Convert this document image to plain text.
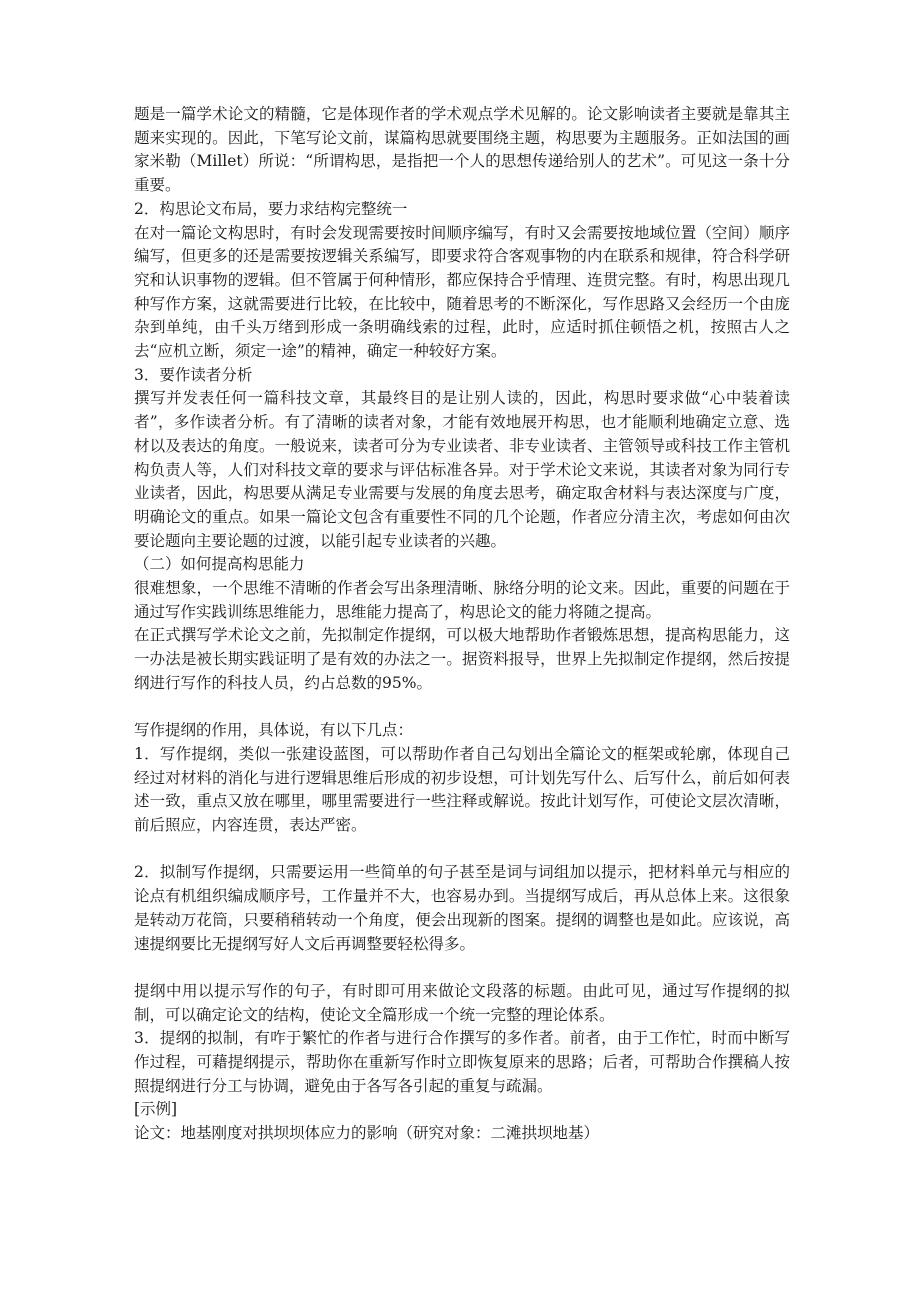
题是一篇学术论文的精髓，它是体现作者的学术观点学术见解的。论文影响读者主要就是靠其主题来实现的。因此，下笔写论文前，谋篇构思就要围绕主题，构思要为主题服务。正如法国的画家米勒（Millet）所说：“所谓构思，是指把一个人的思想传递给别人的艺术”。可见这一条十分重要。

2．构思论文布局，要力求结构完整统一

在对一篇论文构思时，有时会发现需要按时间顺序编写，有时又会需要按地域位置（空间）顺序编写，但更多的还是需要按逻辑关系编写，即要求符合客观事物的内在联系和规律，符合科学研究和认识事物的逻辑。但不管属于何种情形，都应保持合乎情理、连贯完整。有时，构思出现几种写作方案，这就需要进行比较，在比较中，随着思考的不断深化，写作思路又会经历一个由庞杂到单纯，由千头万绪到形成一条明确线索的过程，此时，应适时抓住顿悟之机，按照古人之去“应机立断，须定一途”的精神，确定一种较好方案。

3．要作读者分析

撰写并发表任何一篇科技文章，其最终目的是让别人读的，因此，构思时要求做“心中装着读者”，多作读者分析。有了清晰的读者对象，才能有效地展开构思，也才能顺利地确定立意、选材以及表达的角度。一般说来，读者可分为专业读者、非专业读者、主管领导或科技工作主管机构负责人等，人们对科技文章的要求与评估标准各异。对于学术论文来说，其读者对象为同行专业读者，因此，构思要从满足专业需要与发展的角度去思考，确定取舍材料与表达深度与广度，明确论文的重点。如果一篇论文包含有重要性不同的几个论题，作者应分清主次，考虑如何由次要论题向主要论题的过渡，以能引起专业读者的兴趣。

（二）如何提高构思能力

很难想象，一个思维不清晰的作者会写出条理清晰、脉络分明的论文来。因此，重要的问题在于通过写作实践训练思维能力，思维能力提高了，构思论文的能力将随之提高。

在正式撰写学术论文之前，先拟制定作提纲，可以极大地帮助作者锻炼思想，提高构思能力，这一办法是被长期实践证明了是有效的办法之一。据资料报导，世界上先拟制定作提纲，然后按提纲进行写作的科技人员，约占总数的95%。

写作提纲的作用，具体说，有以下几点：

1．写作提纲，类似一张建设蓝图，可以帮助作者自己勾划出全篇论文的框架或轮廓，体现自己经过对材料的消化与进行逻辑思维后形成的初步设想，可计划先写什么、后写什么，前后如何表述一致，重点又放在哪里，哪里需要进行一些注释或解说。按此计划写作，可使论文层次清晰，前后照应，内容连贯，表达严密。

2．拟制写作提纲，只需要运用一些简单的句子甚至是词与词组加以提示，把材料单元与相应的论点有机组织编成顺序号，工作量并不大，也容易办到。当提纲写成后，再从总体上来。这很象是转动万花筒，只要稍稍转动一个角度，便会出现新的图案。提纲的调整也是如此。应该说，高速提纲要比无提纲写好人文后再调整要轻松得多。

提纲中用以提示写作的句子，有时即可用来做论文段落的标题。由此可见，通过写作提纲的拟制，可以确定论文的结构，使论文全篇形成一个统一完整的理论体系。

3．提纲的拟制，有咋于繁忙的作者与进行合作撰写的多作者。前者，由于工作忙，时而中断写作过程，可藉提纲提示，帮助你在重新写作时立即恢复原来的思路；后者，可帮助合作撰稿人按照提纲进行分工与协调，避免由于各写各引起的重复与疏漏。

[示例]

论文：地基刚度对拱坝坝体应力的影响（研究对象：二滩拱坝地基）
